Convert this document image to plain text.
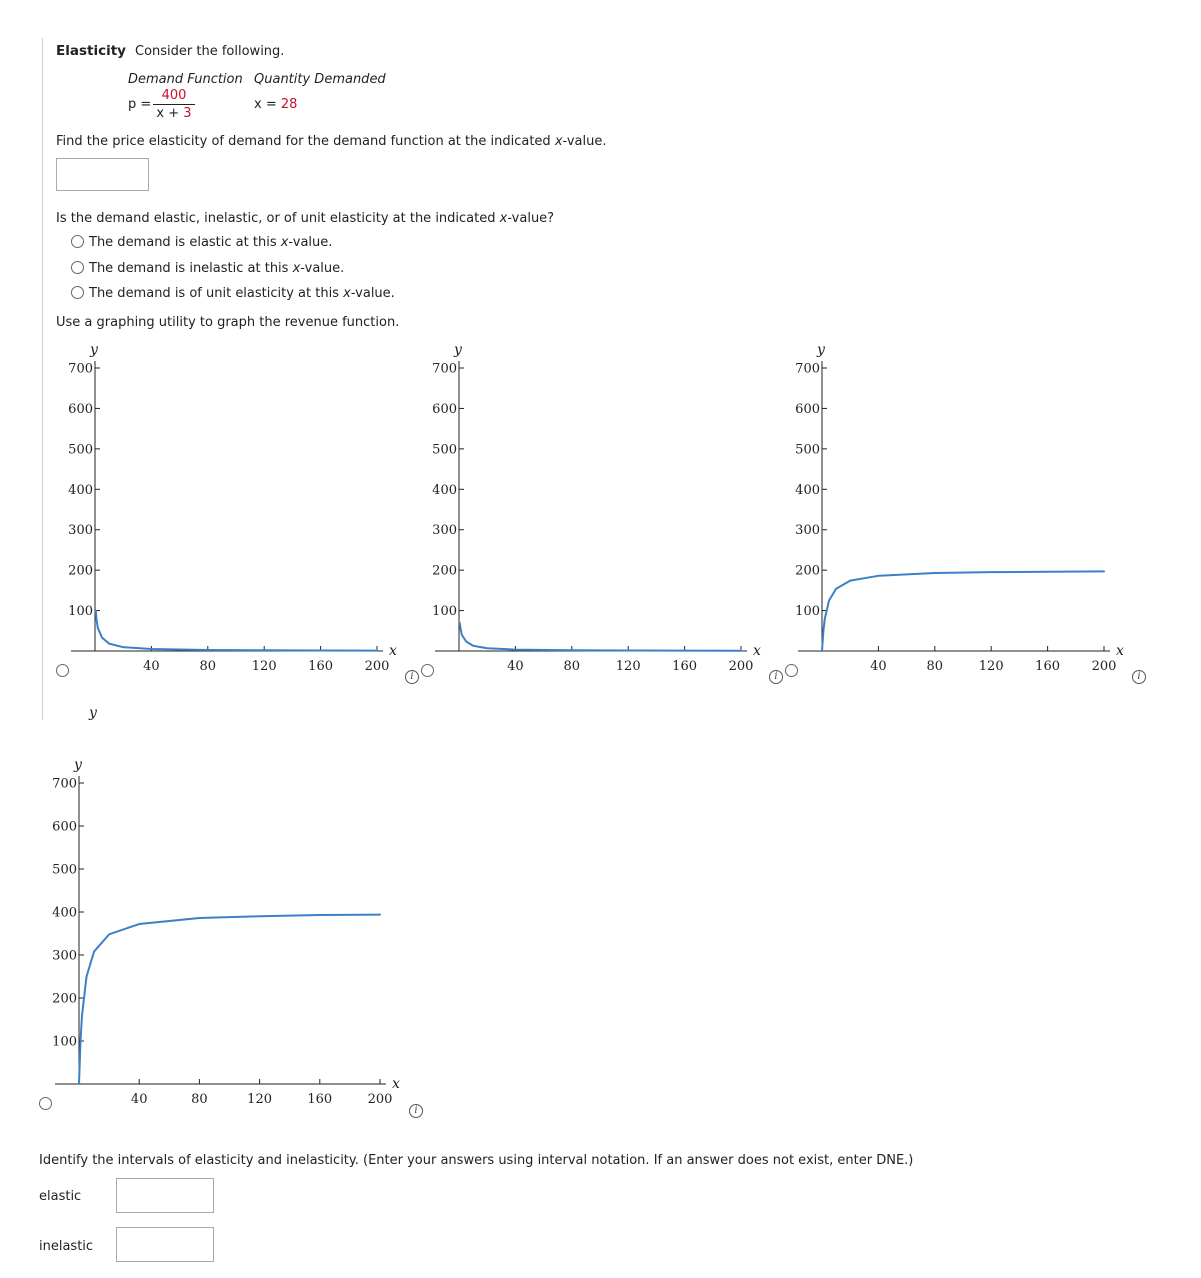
Elasticity Consider the following.
Demand Function Quantity Demanded
$p = \frac{400}{x + 3}$	x = 28
Find the price elasticity of demand for the demand function at the indicated x-value.
Is the demand elastic, inelastic, or of unit elasticity at the indicated x-value?
The demand is elastic at this x-value.
The demand is inelastic at this x-value.
The demand is of unit elasticity at this x-value.
Use a graphing utility to graph the revenue function.
i	i	i
i
y
y
x
100
200
300
400
500
600
700
40	80	120 160 200
y
x
100
200
300
400
500
600
700
40	80	120 160 200
y
x
100
200
300
400
500
600
700
40	80	120 160 200
y
x
100
200
300
400
500
600
700
40	80	120	160	200
Identify the intervals of elasticity and inelasticity. (Enter your answers using interval notation. If an answer does not exist, enter DNE.)
elastic
inelastic
